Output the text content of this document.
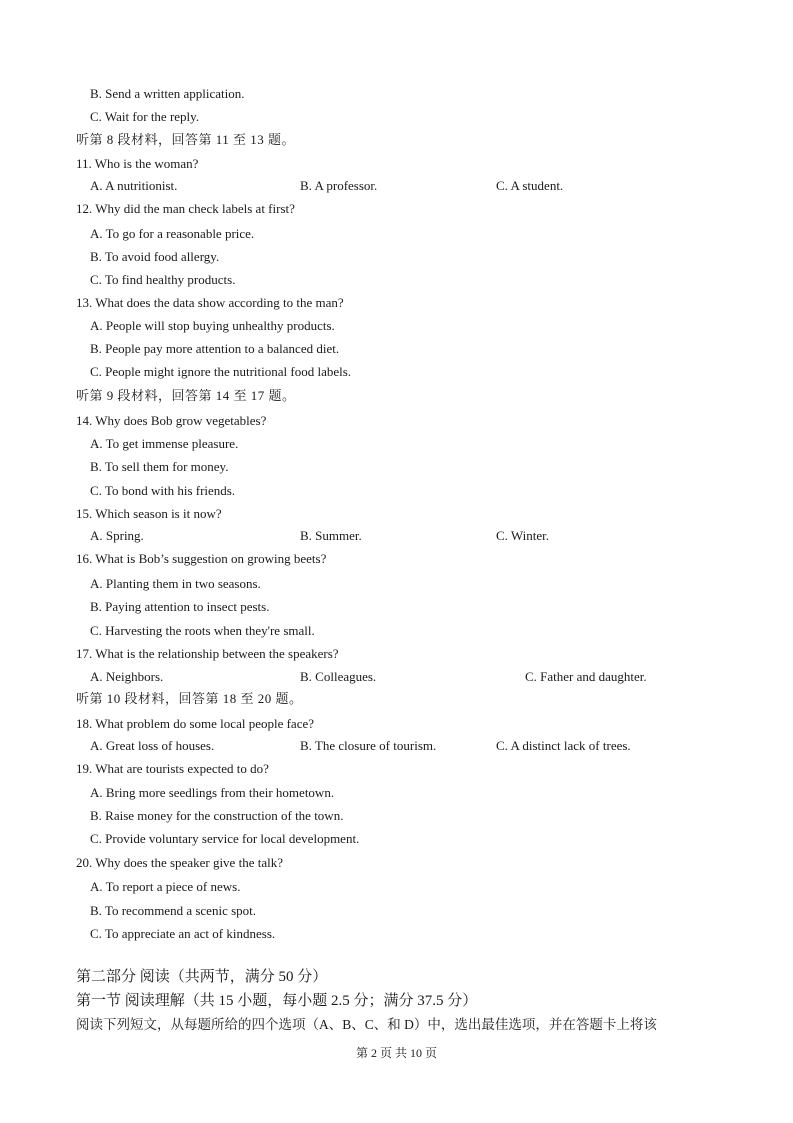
B. Send a written application.
C. Wait for the reply.
听第 8 段材料，回答第 11 至 13 题。
11. Who is the woman?
A. A nutritionist.	B. A professor.	C. A student.
12. Why did the man check labels at first?
A. To go for a reasonable price.
B. To avoid food allergy.
C. To find healthy products.
13. What does the data show according to the man?
A. People will stop buying unhealthy products.
B. People pay more attention to a balanced diet.
C. People might ignore the nutritional food labels.
听第 9 段材料，回答第 14 至 17 题。
14. Why does Bob grow vegetables?
A. To get immense pleasure.
B. To sell them for money.
C. To bond with his friends.
15. Which season is it now?
A. Spring.	B. Summer.	C. Winter.
16. What is Bob’s suggestion on growing beets?
A. Planting them in two seasons.
B. Paying attention to insect pests.
C. Harvesting the roots when they're small.
17. What is the relationship between the speakers?
A. Neighbors.	B. Colleagues.	C. Father and daughter.
听第 10 段材料，回答第 18 至 20 题。
18. What problem do some local people face?
A. Great loss of houses.	B. The closure of tourism.	C. A distinct lack of trees.
19. What are tourists expected to do?
A. Bring more seedlings from their hometown.
B. Raise money for the construction of the town.
C. Provide voluntary service for local development.
20. Why does the speaker give the talk?
A. To report a piece of news.
B. To recommend a scenic spot.
C. To appreciate an act of kindness.
第二部分 阅读（共两节，满分 50 分）
第一节 阅读理解（共 15 小题，每小题 2.5 分；满分 37.5 分）
阅读下列短文，从每题所给的四个选项（A、B、C、和 D）中，选出最佳选项，并在答题卡上将该
第 2 页 共 10 页
